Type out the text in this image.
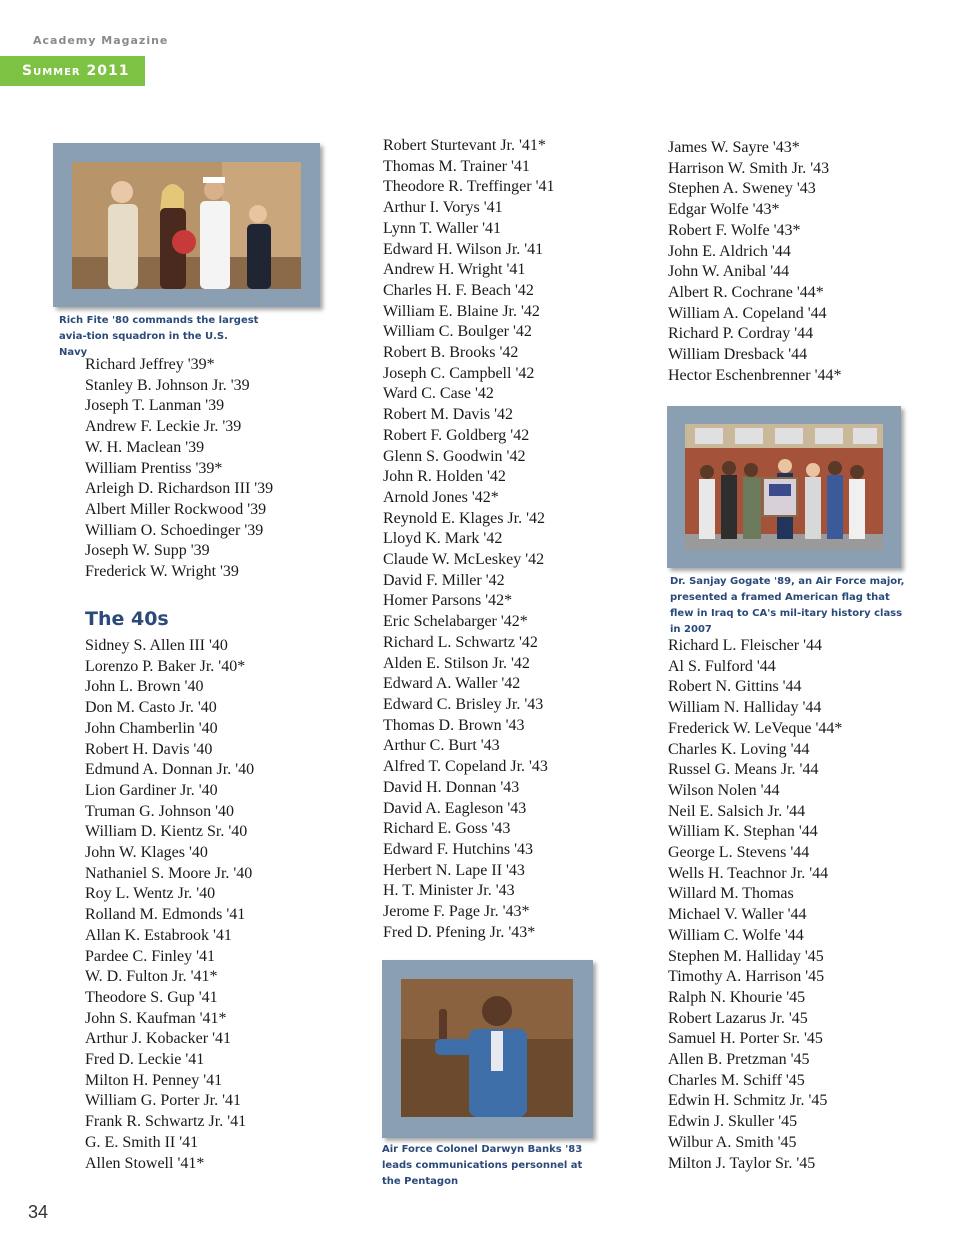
Academy Magazine
Summer 2011
Rich Fite '80 commands the largest avia-tion squadron in the U.S. Navy
Richard Jeffrey '39*
Stanley B. Johnson Jr. '39
Joseph T. Lanman '39
Andrew F. Leckie Jr. '39
W. H. Maclean '39
William Prentiss '39*
Arleigh D. Richardson III '39
Albert Miller Rockwood '39
William O. Schoedinger '39
Joseph W. Supp '39
Frederick W. Wright '39
The 40s
Sidney S. Allen III '40
Lorenzo P. Baker Jr. '40*
John L. Brown '40
Don M. Casto Jr. '40
John Chamberlin '40
Robert H. Davis '40
Edmund A. Donnan Jr. '40
Lion Gardiner Jr. '40
Truman G. Johnson '40
William D. Kientz Sr. '40
John W. Klages '40
Nathaniel S. Moore Jr. '40
Roy L. Wentz Jr. '40
Rolland M. Edmonds '41
Allan K. Estabrook '41
Pardee C. Finley '41
W. D. Fulton Jr. '41*
Theodore S. Gup '41
John S. Kaufman '41*
Arthur J. Kobacker '41
Fred D. Leckie '41
Milton H. Penney '41
William G. Porter Jr. '41
Frank R. Schwartz Jr. '41
G. E. Smith II '41
Allen Stowell '41*
Robert Sturtevant Jr. '41*
Thomas M. Trainer '41
Theodore R. Treffinger '41
Arthur I. Vorys '41
Lynn T. Waller '41
Edward H. Wilson Jr. '41
Andrew H. Wright '41
Charles H. F. Beach '42
William E. Blaine Jr. '42
William C. Boulger '42
Robert B. Brooks '42
Joseph C. Campbell '42
Ward C. Case '42
Robert M. Davis '42
Robert F. Goldberg '42
Glenn S. Goodwin '42
John R. Holden '42
Arnold Jones '42*
Reynold E. Klages Jr. '42
Lloyd K. Mark '42
Claude W. McLeskey '42
David F. Miller '42
Homer Parsons '42*
Eric Schelabarger '42*
Richard L. Schwartz '42
Alden E. Stilson Jr. '42
Edward A. Waller '42
Edward C. Brisley Jr. '43
Thomas D. Brown '43
Arthur C. Burt '43
Alfred T. Copeland Jr. '43
David H. Donnan '43
David A. Eagleson '43
Richard E. Goss '43
Edward F. Hutchins '43
Herbert N. Lape II '43
H. T. Minister Jr. '43
Jerome F. Page Jr. '43*
Fred D. Pfening Jr. '43*
Air Force Colonel Darwyn Banks '83 leads communications personnel at the Pentagon
James W. Sayre '43*
Harrison W. Smith Jr. '43
Stephen A. Sweney '43
Edgar Wolfe '43*
Robert F. Wolfe '43*
John E. Aldrich '44
John W. Anibal '44
Albert R. Cochrane '44*
William A. Copeland '44
Richard P. Cordray '44
William Dresback '44
Hector Eschenbrenner '44*
Dr. Sanjay Gogate '89, an Air Force major, presented a framed American flag that flew in Iraq to CA's mil-itary history class in 2007
Richard L. Fleischer '44
Al S. Fulford '44
Robert N. Gittins '44
William N. Halliday '44
Frederick W. LeVeque '44*
Charles K. Loving '44
Russel G. Means Jr. '44
Wilson Nolen '44
Neil E. Salsich Jr. '44
William K. Stephan '44
George L. Stevens '44
Wells H. Teachnor Jr. '44
Willard M. Thomas
Michael V. Waller '44
William C. Wolfe '44
Stephen M. Halliday '45
Timothy A. Harrison '45
Ralph N. Khourie '45
Robert Lazarus Jr. '45
Samuel H. Porter Sr. '45
Allen B. Pretzman '45
Charles M. Schiff '45
Edwin H. Schmitz Jr. '45
Edwin J. Skuller '45
Wilbur A. Smith '45
Milton J. Taylor Sr. '45
34
